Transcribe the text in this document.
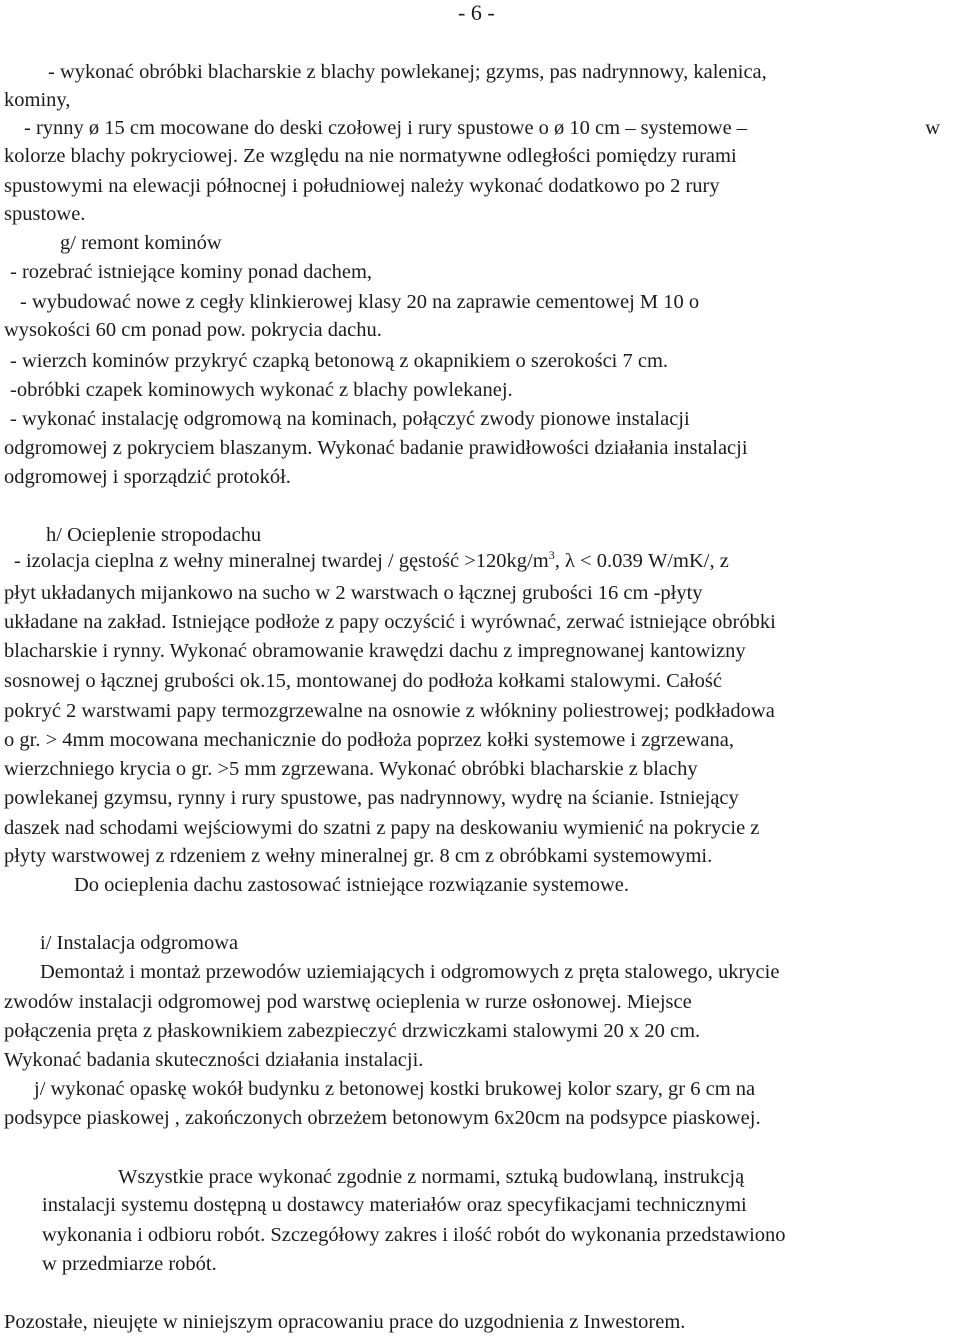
- 6 -
- wykonać obróbki blacharskie z blachy powlekanej; gzyms, pas nadrynnowy, kalenica,
kominy,
- rynny ø 15 cm mocowane do deski czołowej i rury spustowe o ø 10 cm – systemowe –	w
kolorze blachy pokryciowej. Ze względu na nie normatywne odległości pomiędzy rurami
spustowymi na elewacji północnej i południowej należy wykonać dodatkowo po 2 rury
spustowe.
g/ remont kominów
- rozebrać istniejące kominy ponad dachem,
- wybudować nowe z cegły klinkierowej klasy 20 na zaprawie cementowej M 10 o
wysokości 60 cm ponad pow. pokrycia dachu.
- wierzch kominów przykryć czapką betonową z okapnikiem o szerokości 7 cm.
-obróbki czapek kominowych wykonać z blachy powlekanej.
- wykonać instalację odgromową na kominach, połączyć zwody pionowe instalacji
odgromowej z pokryciem blaszanym. Wykonać badanie prawidłowości działania instalacji
odgromowej i sporządzić protokół.
h/ Ocieplenie stropodachu
- izolacja cieplna z wełny mineralnej twardej / gęstość $>120kg/m^3$, λ < 0.039 W/mK/, z
płyt układanych mijankowo na sucho w 2 warstwach o łącznej grubości 16 cm -płyty
układane na zakład. Istniejące podłoże z papy oczyścić i wyrównać, zerwać istniejące obróbki
blacharskie i rynny. Wykonać obramowanie krawędzi dachu z impregnowanej kantowizny
sosnowej o łącznej grubości ok.15, montowanej do podłoża kołkami stalowymi. Całość
pokryć 2 warstwami papy termozgrzewalne na osnowie z włókniny poliestrowej; podkładowa
o gr. > 4mm mocowana mechanicznie do podłoża poprzez kołki systemowe i zgrzewana,
wierzchniego krycia o gr. >5 mm zgrzewana. Wykonać obróbki blacharskie z blachy
powlekanej gzymsu, rynny i rury spustowe, pas nadrynnowy, wydrę na ścianie. Istniejący
daszek nad schodami wejściowymi do szatni z papy na deskowaniu wymienić na pokrycie z
płyty warstwowej z rdzeniem z wełny mineralnej gr. 8 cm z obróbkami systemowymi.
Do ocieplenia dachu zastosować istniejące rozwiązanie systemowe.
i/ Instalacja odgromowa
Demontaż i montaż przewodów uziemiających i odgromowych z pręta stalowego, ukrycie
zwodów instalacji odgromowej pod warstwę ocieplenia w rurze osłonowej. Miejsce
połączenia pręta z płaskownikiem zabezpieczyć drzwiczkami stalowymi 20 x 20 cm.
Wykonać badania skuteczności działania instalacji.
j/ wykonać opaskę wokół budynku z betonowej kostki brukowej kolor szary, gr 6 cm na
podsypce piaskowej , zakończonych obrzeżem betonowym 6x20cm na podsypce piaskowej.
Wszystkie prace wykonać zgodnie z normami, sztuką budowlaną, instrukcją
instalacji systemu dostępną u dostawcy materiałów oraz specyfikacjami technicznymi
wykonania i odbioru robót. Szczegółowy zakres i ilość robót do wykonania przedstawiono
w przedmiarze robót.
Pozostałe, nieujęte w niniejszym opracowaniu prace do uzgodnienia z Inwestorem.
